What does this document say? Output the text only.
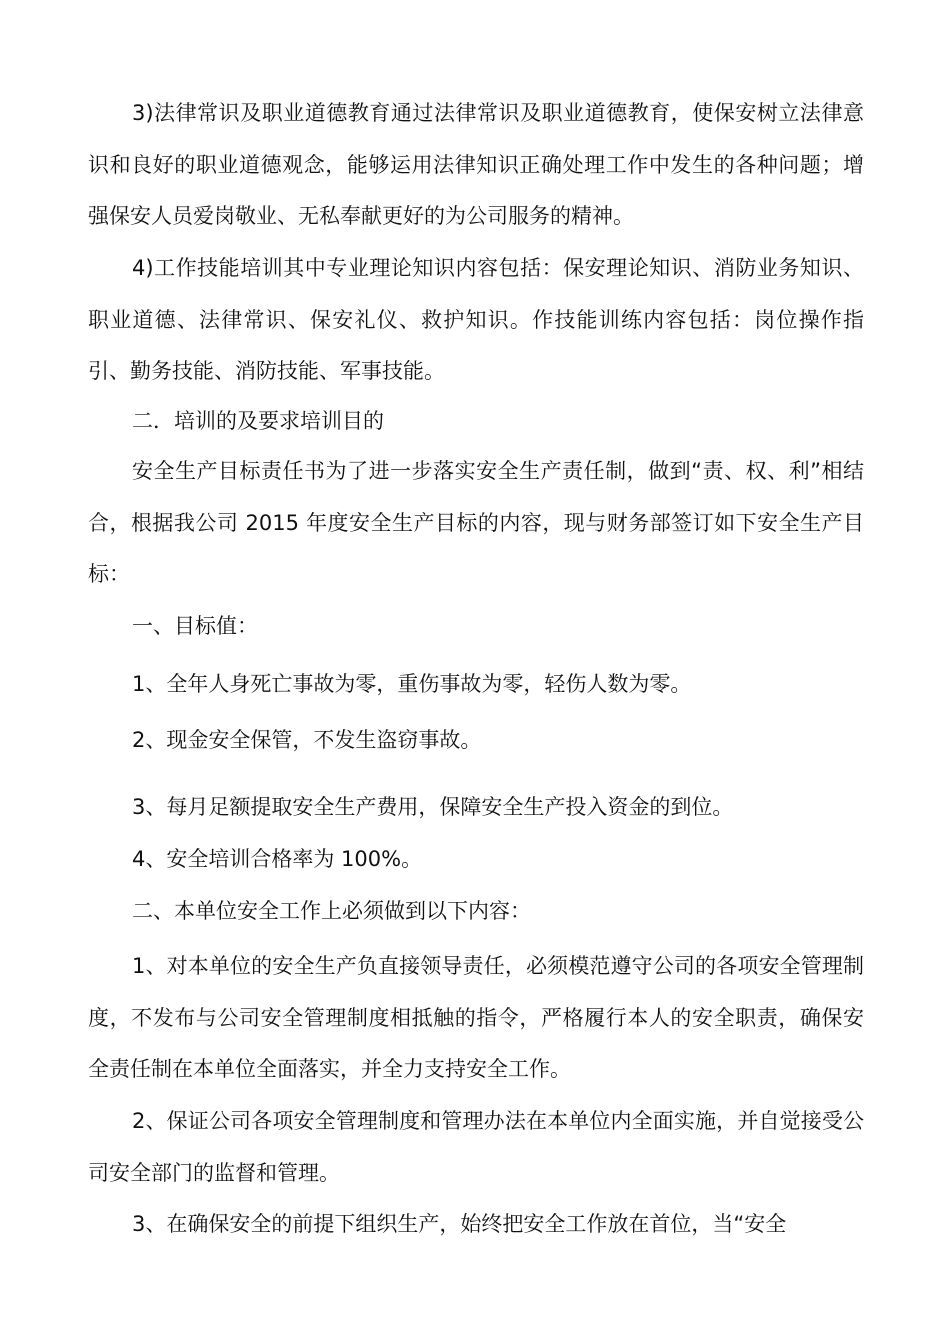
3)法律常识及职业道德教育通过法律常识及职业道德教育，使保安树立法律意识和良好的职业道德观念，能够运用法律知识正确处理工作中发生的各种问题；增强保安人员爱岗敬业、无私奉献更好的为公司服务的精神。

4)工作技能培训其中专业理论知识内容包括：保安理论知识、消防业务知识、职业道德、法律常识、保安礼仪、救护知识。作技能训练内容包括：岗位操作指引、勤务技能、消防技能、军事技能。

二．培训的及要求培训目的

安全生产目标责任书为了进一步落实安全生产责任制，做到“责、权、利”相结合，根据我公司 2015 年度安全生产目标的内容，现与财务部签订如下安全生产目标：

一、目标值：

1、全年人身死亡事故为零，重伤事故为零，轻伤人数为零。

2、现金安全保管，不发生盗窃事故。

3、每月足额提取安全生产费用，保障安全生产投入资金的到位。

4、安全培训合格率为 100%。

二、本单位安全工作上必须做到以下内容：

1、对本单位的安全生产负直接领导责任，必须模范遵守公司的各项安全管理制度，不发布与公司安全管理制度相抵触的指令，严格履行本人的安全职责，确保安全责任制在本单位全面落实，并全力支持安全工作。

2、保证公司各项安全管理制度和管理办法在本单位内全面实施，并自觉接受公司安全部门的监督和管理。

3、在确保安全的前提下组织生产，始终把安全工作放在首位，当“安全
